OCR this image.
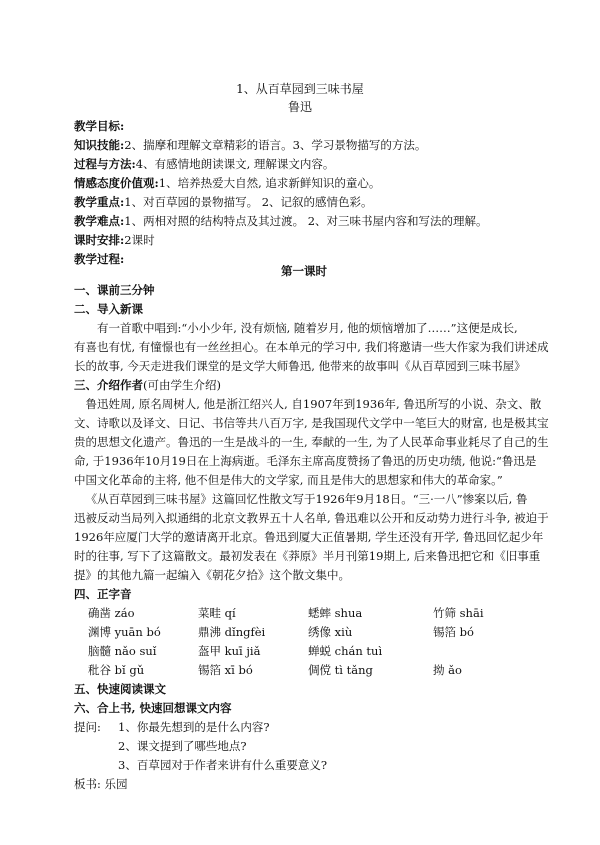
1、从百草园到三味书屋
鲁迅
教学目标:
知识技能:2、揣摩和理解文章精彩的语言。3、学习景物描写的方法。
过程与方法:4、有感情地朗读课文, 理解课文内容。
情感态度价值观:1、培养热爱大自然, 追求新鲜知识的童心。
教学重点:1、对百草园的景物描写。 2、记叙的感情色彩。
教学难点:1、两相对照的结构特点及其过渡。 2、对三味书屋内容和写法的理解。
课时安排:2课时
教学过程:
第一课时
一、课前三分钟
二、导入新课
有一首歌中唱到:“小小少年, 没有烦恼, 随着岁月, 他的烦恼增加了……”这便是成长,
有喜也有忧, 有憧憬也有一丝丝担心。在本单元的学习中, 我们将邀请一些大作家为我们讲述成
长的故事, 今天走进我们课堂的是文学大师鲁迅, 他带来的故事叫《从百草园到三味书屋》
三、介绍作者(可由学生介绍)
鲁迅姓周, 原名周树人, 他是浙江绍兴人, 自1907年到1936年, 鲁迅所写的小说、杂文、散
文、诗歌以及译文、日记、书信等共八百万字, 是我国现代文学中一笔巨大的财富, 也是极其宝
贵的思想文化遗产。鲁迅的一生是战斗的一生, 奉献的一生, 为了人民革命事业耗尽了自己的生
命, 于1936年10月19日在上海病逝。毛泽东主席高度赞扬了鲁迅的历史功绩, 他说:“鲁迅是
中国文化革命的主将, 他不但是伟大的文学家, 而且是伟大的思想家和伟大的革命家。”
《从百草园到三味书屋》这篇回忆性散文写于1926年9月18日。“三·一八”惨案以后, 鲁
迅被反动当局列入拟通缉的北京文教界五十人名单, 鲁迅难以公开和反动势力进行斗争, 被迫于
1926年应厦门大学的邀请离开北京。鲁迅到厦大正值暑期, 学生还没有开学, 鲁迅回忆起少年
时的往事, 写下了这篇散文。最初发表在《莽原》半月刊第19期上, 后来鲁迅把它和《旧事重
提》的其他九篇一起编入《朝花夕拾》这个散文集中。
四、正字音
确凿 záo	菜畦 qí	蟋蟀 shua	竹筛 shāi
渊博 yuān bó	鼎沸 dǐngfèi	绣像 xiù	锡箔 bó
脑髓 nǎo suǐ	盔甲 kuī jiǎ	蝉蜕 chán tuì
秕谷 bǐ gǔ	锡箔 xī bó	倜傥 tì tǎng	拗 ǎo
五、快速阅读课文
六、合上书, 快速回想课文内容
提问: 1、你最先想到的是什么内容?
2、课文提到了哪些地点?
3、百草园对于作者来讲有什么重要意义?
板书: 乐园
